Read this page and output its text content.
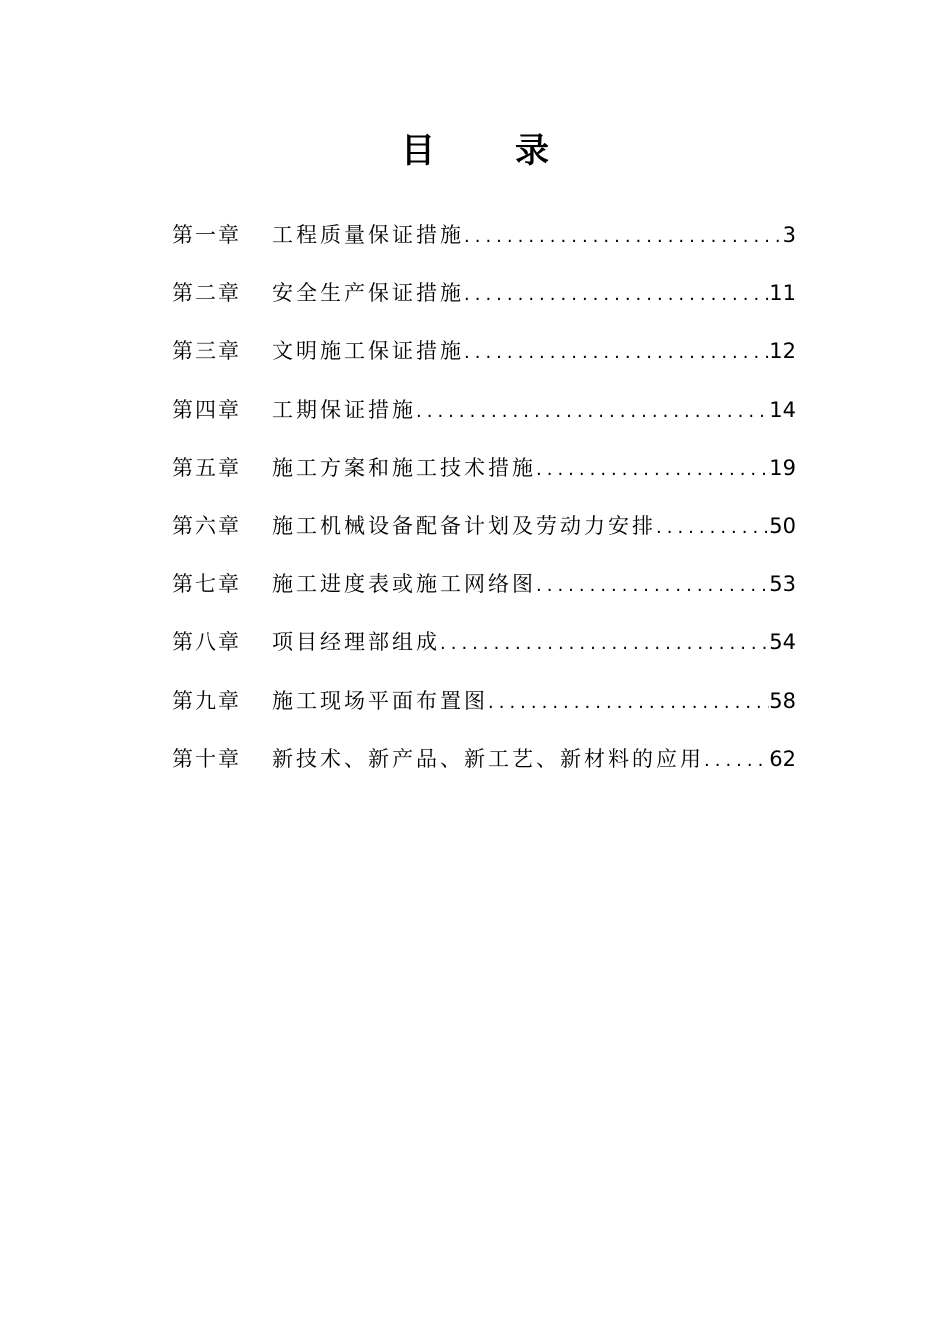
目录
第一章	工程质量保证措施 .....	3
第二章	安全生产保证措施 .....	11
第三章	文明施工保证措施 .....	12
第四章	工期保证措施 .....	14
第五章	施工方案和施工技术措施 .....	19
第六章	施工机械设备配备计划及劳动力安排 .....	50
第七章	施工进度表或施工网络图 .....	53
第八章	项目经理部组成 .....	54
第九章	施工现场平面布置图 .....	58
第十章	新技术、新产品、新工艺、新材料的应用 .....	62
